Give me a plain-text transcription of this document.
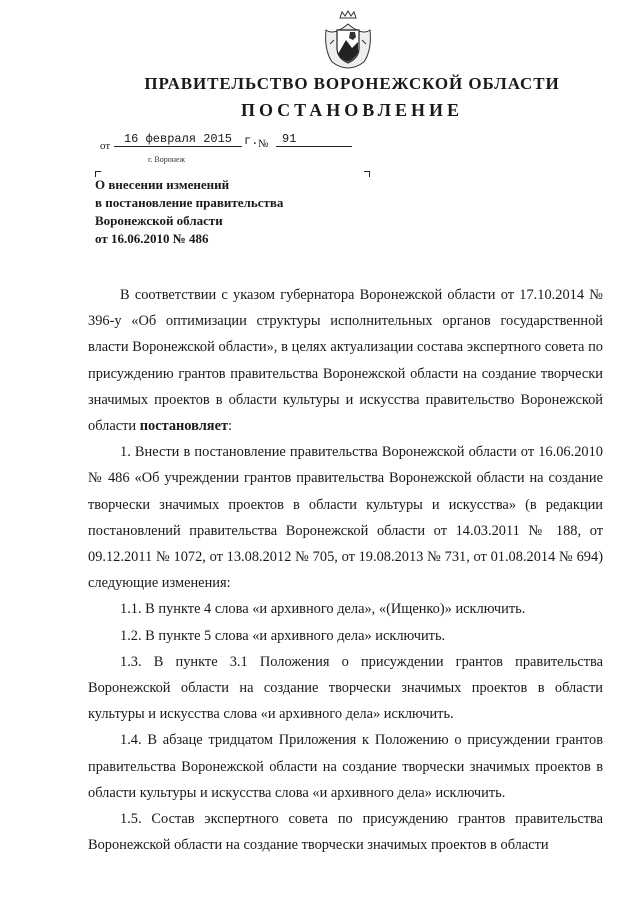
ПРАВИТЕЛЬСТВО ВОРОНЕЖСКОЙ ОБЛАСТИ
ПОСТАНОВЛЕНИЕ
от	16 февраля 2015 г. №	91
г. Воронеж
О внесении изменений
в постановление правительства
Воронежской области
от 16.06.2010 № 486

В соответствии с указом губернатора Воронежской области от 17.10.2014 № 396-у «Об оптимизации структуры исполнительных органов государственной власти Воронежской области», в целях актуализации состава экспертного совета по присуждению грантов правительства Воронежской области на создание творчески значимых проектов в области культуры и искусства правительство Воронежской области постановляет:

1. Внести в постановление правительства Воронежской области от 16.06.2010 № 486 «Об учреждении грантов правительства Воронежской области на создание творчески значимых проектов в области культуры и искусства» (в редакции постановлений правительства Воронежской области от 14.03.2011 № 188, от 09.12.2011 № 1072, от 13.08.2012 № 705, от 19.08.2013 № 731, от 01.08.2014 № 694) следующие изменения:

1.1. В пункте 4 слова «и архивного дела», «(Ищенко)» исключить.

1.2. В пункте 5 слова «и архивного дела» исключить.

1.3. В пункте 3.1 Положения о присуждении грантов правительства Воронежской области на создание творчески значимых проектов в области культуры и искусства слова «и архивного дела» исключить.

1.4. В абзаце тридцатом Приложения к Положению о присуждении грантов правительства Воронежской области на создание творчески значимых проектов в области культуры и искусства слова «и архивного дела» исключить.

1.5. Состав экспертного совета по присуждению грантов правительства Воронежской области на создание творчески значимых проектов в области
